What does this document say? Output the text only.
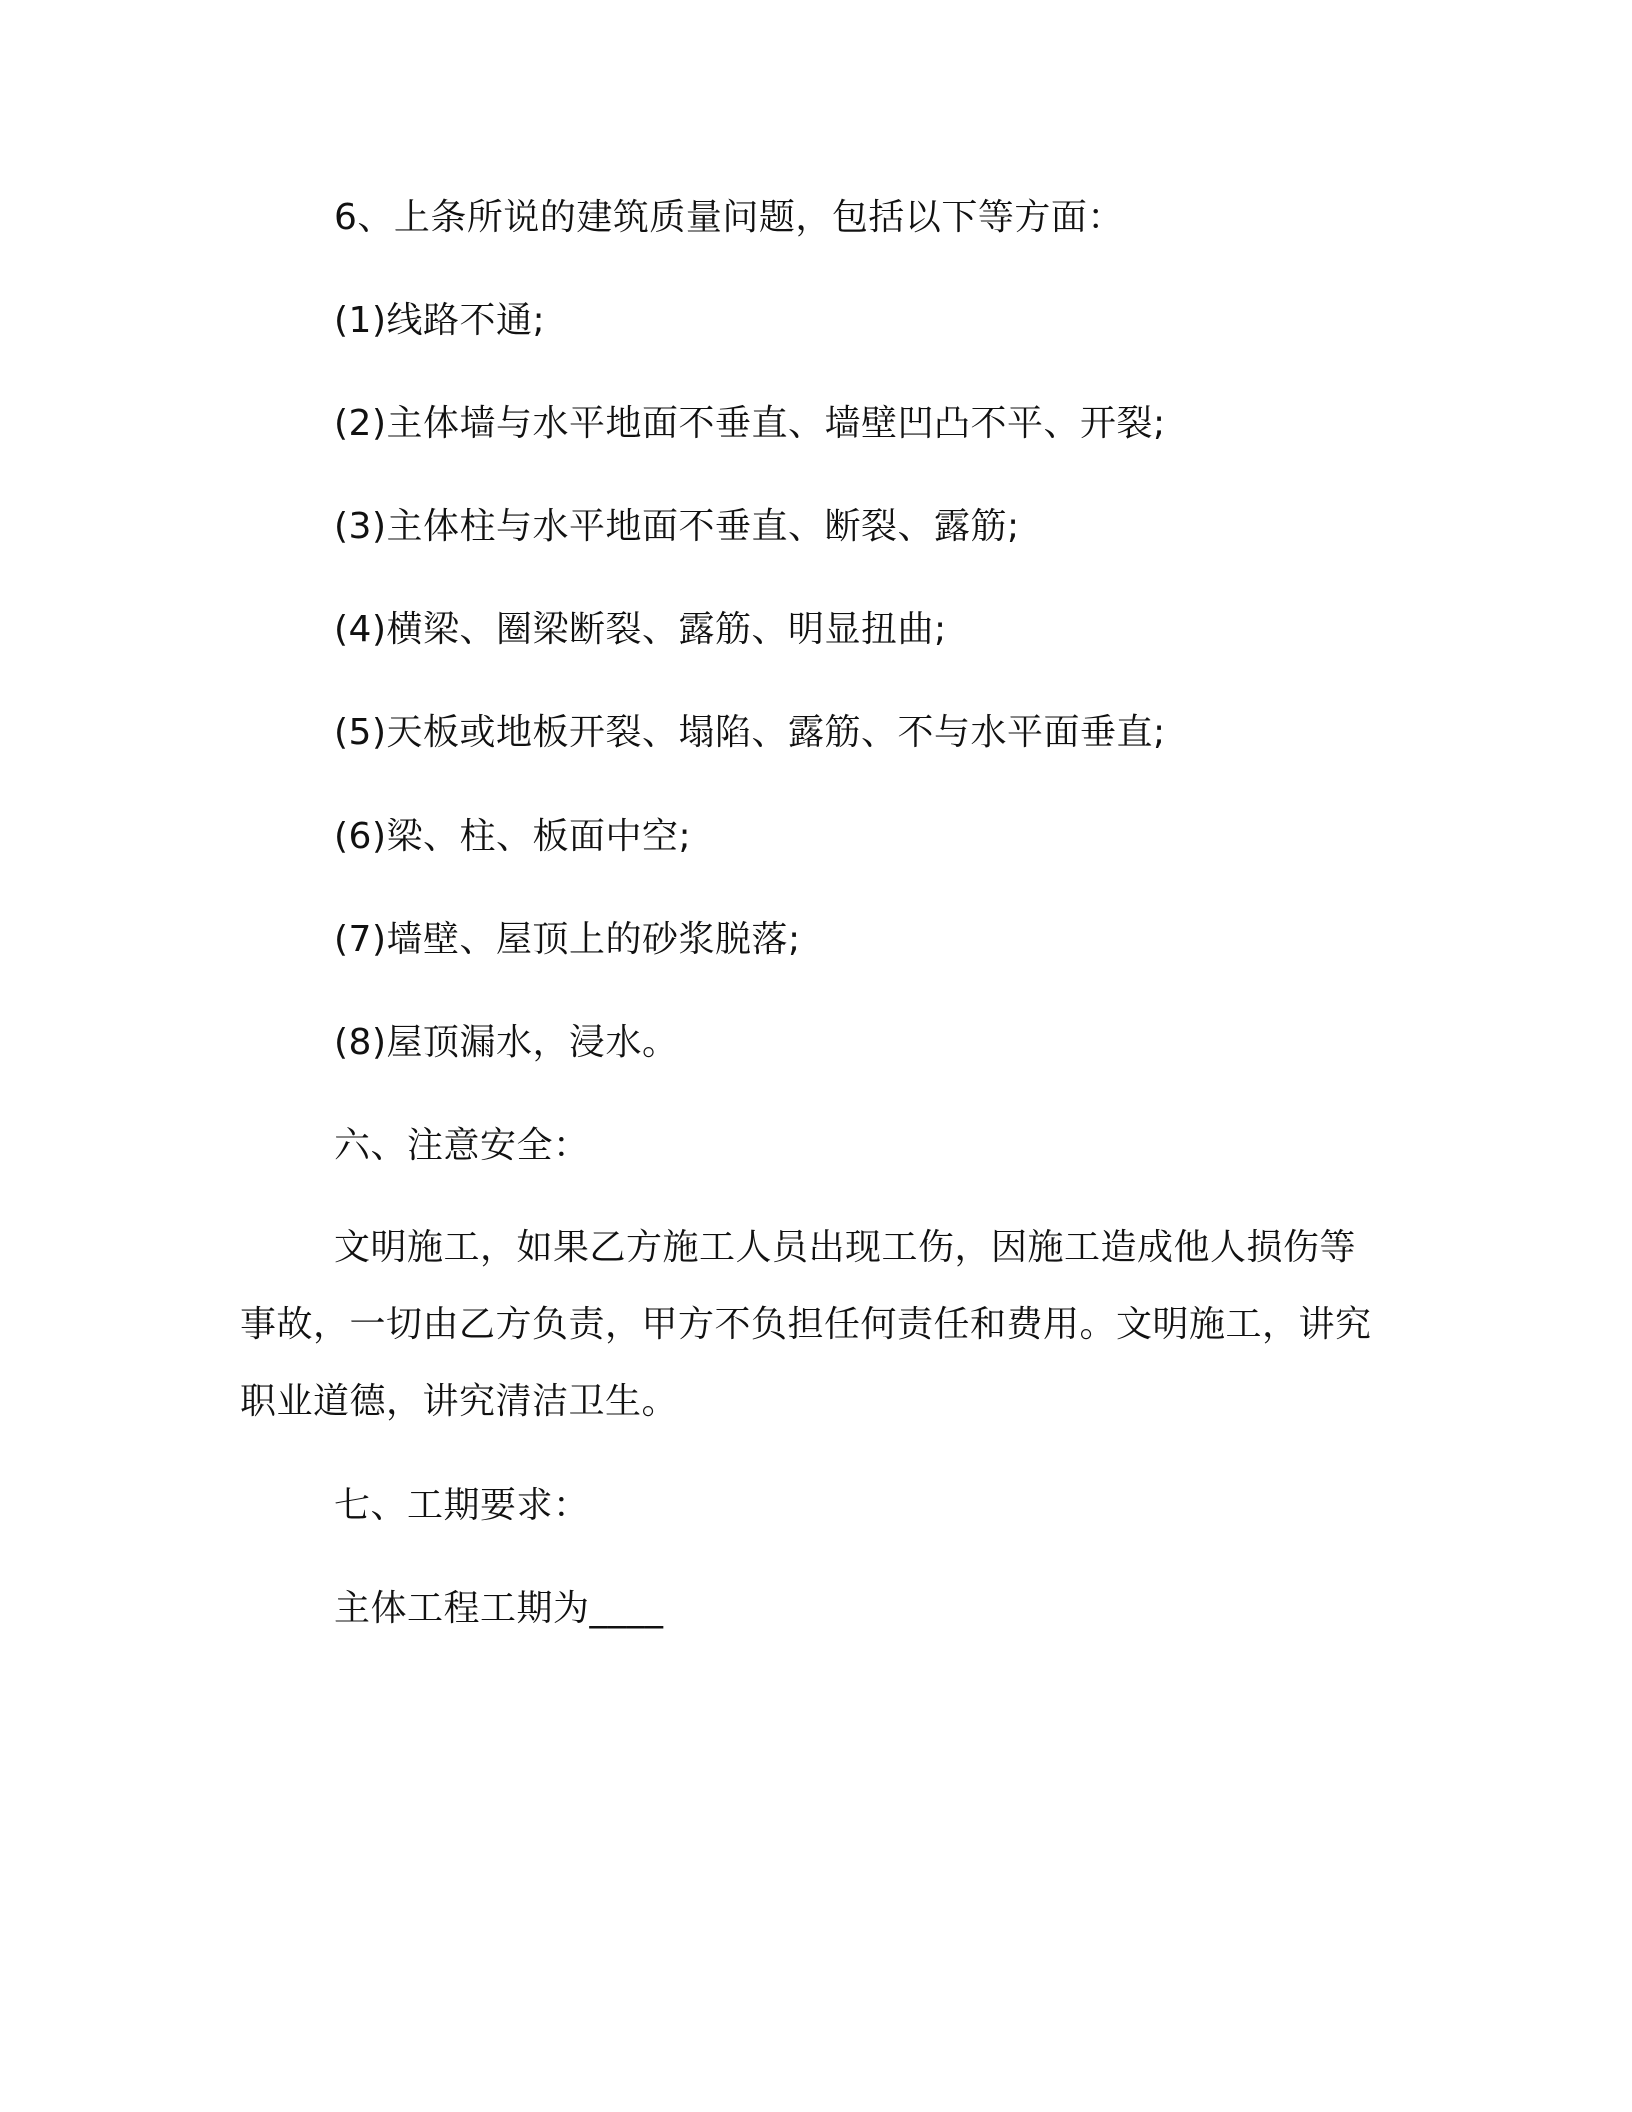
6、上条所说的建筑质量问题，包括以下等方面：
(1)线路不通;
(2)主体墙与水平地面不垂直、墙壁凹凸不平、开裂;
(3)主体柱与水平地面不垂直、断裂、露筋;
(4)横梁、圈梁断裂、露筋、明显扭曲;
(5)天板或地板开裂、塌陷、露筋、不与水平面垂直;
(6)梁、柱、板面中空;
(7)墙壁、屋顶上的砂浆脱落;
(8)屋顶漏水，浸水。
六、注意安全：
文明施工，如果乙方施工人员出现工伤，因施工造成他人损伤等事故，一切由乙方负责，甲方不负担任何责任和费用。文明施工，讲究职业道德，讲究清洁卫生。
七、工期要求：
主体工程工期为____
